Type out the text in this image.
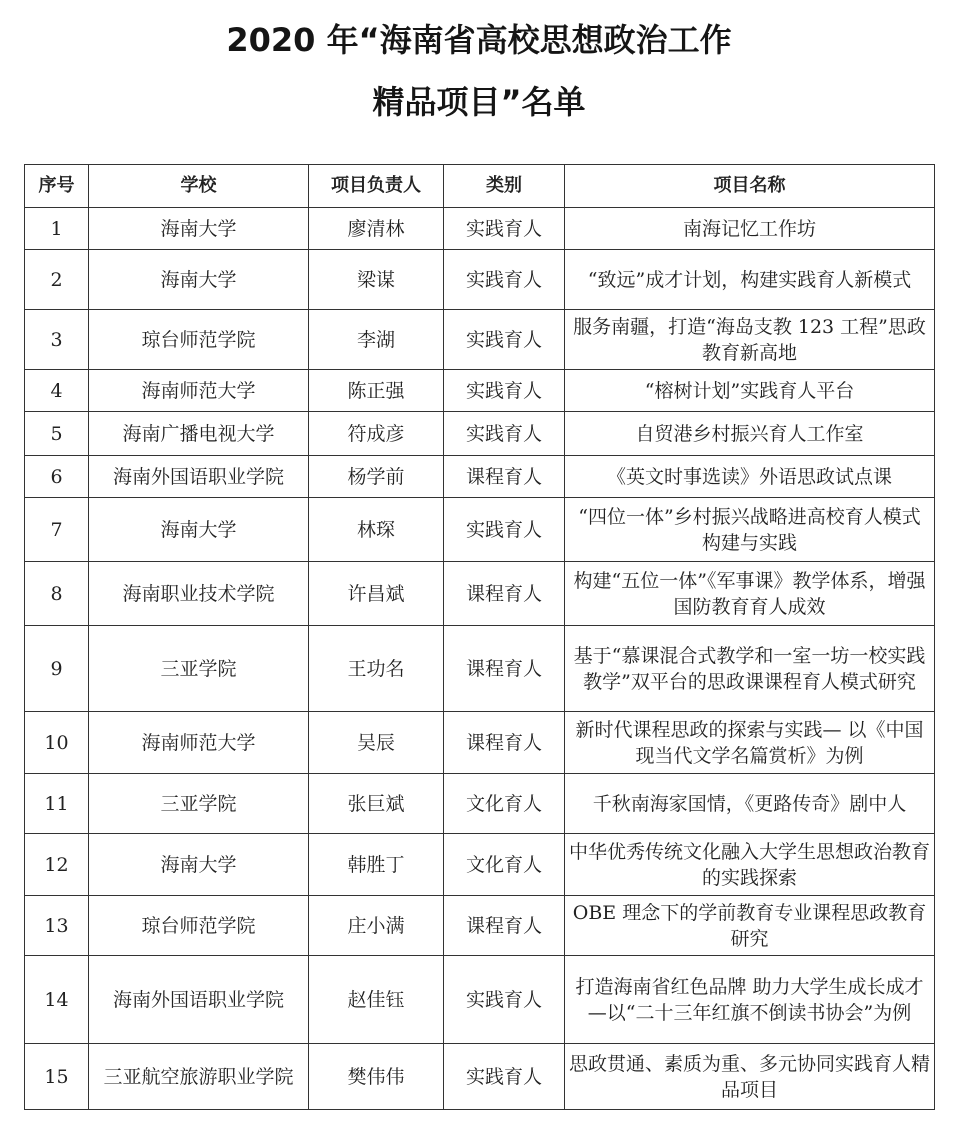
2020 年“海南省高校思想政治工作
精品项目”名单
序号	学校	项目负责人	类别	项目名称
1	海南大学	廖清林	实践育人	南海记忆工作坊
2	海南大学	梁谋	实践育人	“致远”成才计划，构建实践育人新模式
3	琼台师范学院	李湖	实践育人	服务南疆，打造“海岛支教 123 工程”思政教育新高地
4	海南师范大学	陈正强	实践育人	“榕树计划”实践育人平台
5	海南广播电视大学	符成彦	实践育人	自贸港乡村振兴育人工作室
6	海南外国语职业学院	杨学前	课程育人	《英文时事选读》外语思政试点课
7	海南大学	林琛	实践育人	“四位一体”乡村振兴战略进高校育人模式构建与实践
8	海南职业技术学院	许昌斌	课程育人	构建“五位一体”《军事课》教学体系，增强国防教育育人成效
9	三亚学院	王功名	课程育人	基于“慕课混合式教学和一室一坊一校实践教学”双平台的思政课课程育人模式研究
10	海南师范大学	吴辰	课程育人	新时代课程思政的探索与实践— 以《中国现当代文学名篇赏析》为例
11	三亚学院	张巨斌	文化育人	千秋南海家国情，《更路传奇》剧中人
12	海南大学	韩胜丁	文化育人	中华优秀传统文化融入大学生思想政治教育的实践探索
13	琼台师范学院	庄小满	课程育人	OBE 理念下的学前教育专业课程思政教育研究
14	海南外国语职业学院	赵佳钰	实践育人	打造海南省红色品牌 助力大学生成长成才—以“二十三年红旗不倒读书协会”为例
15	三亚航空旅游职业学院	樊伟伟	实践育人	思政贯通、素质为重、多元协同实践育人精品项目
